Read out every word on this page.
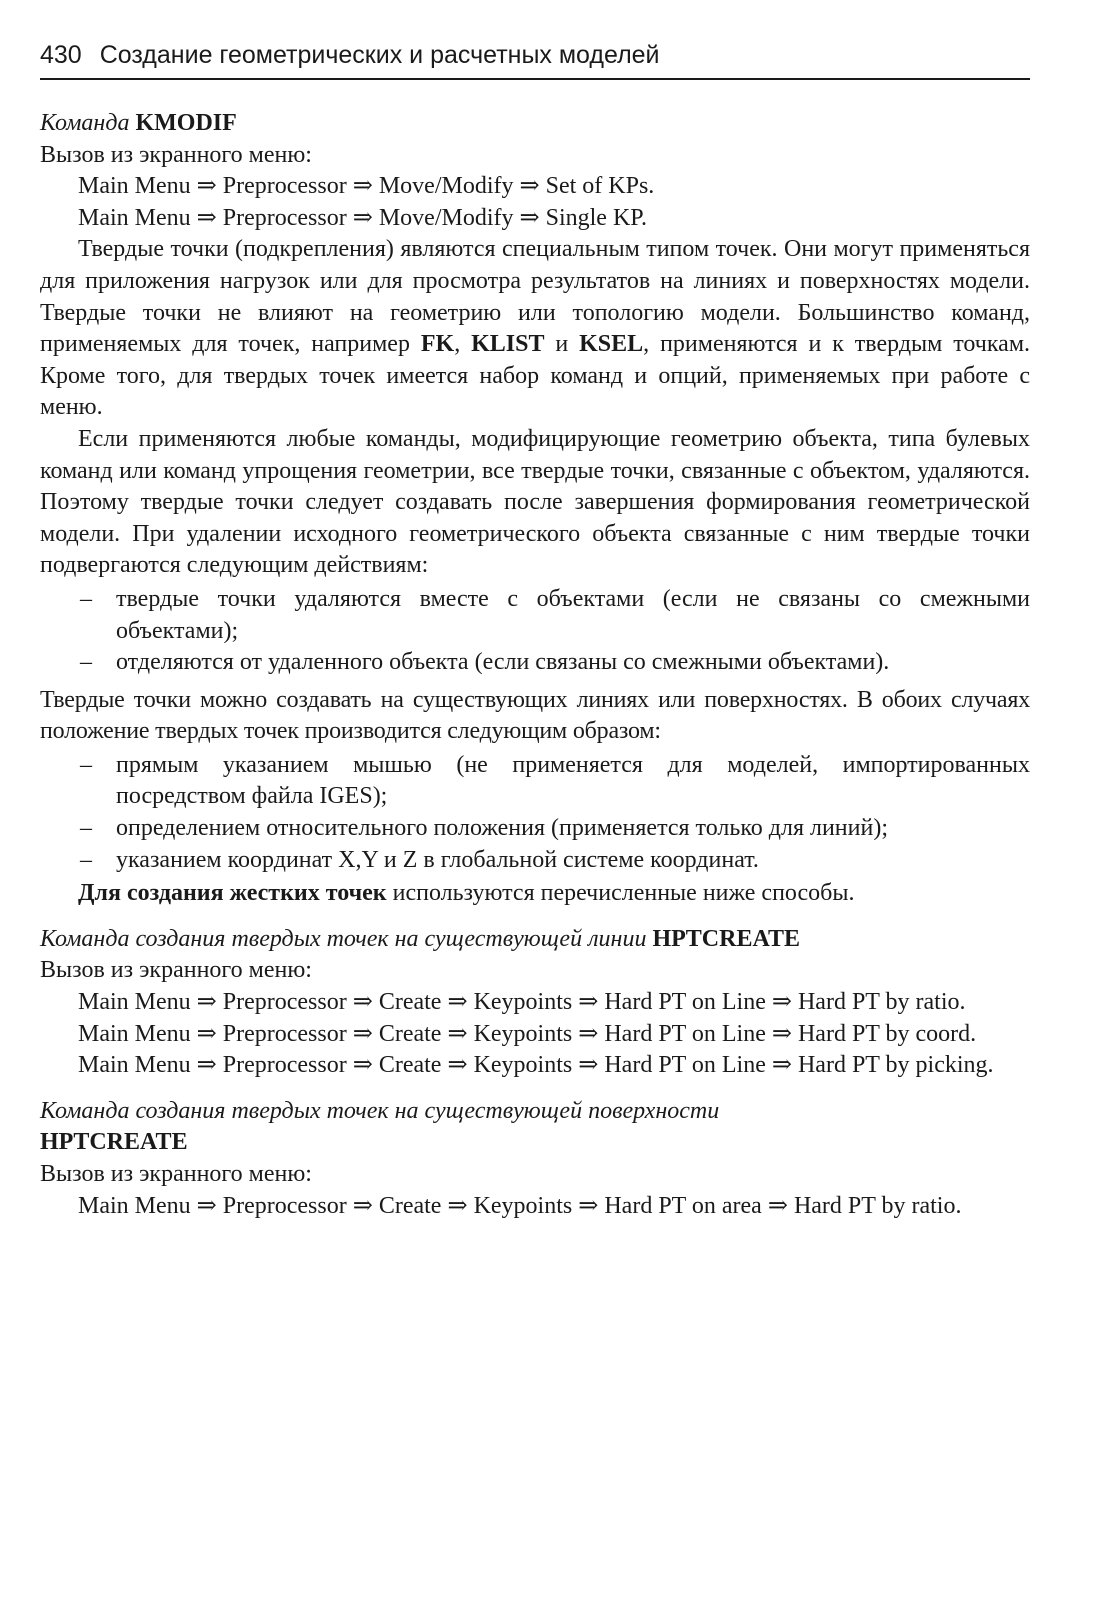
430 Создание геометрических и расчетных моделей

Команда KMODIF

Вызов из экранного меню:

Main Menu ⇒ Preprocessor ⇒ Move/Modify ⇒ Set of KPs.

Main Menu ⇒ Preprocessor ⇒ Move/Modify ⇒ Single KP.

Твердые точки (подкрепления) являются специальным типом точек. Они могут применяться для приложения нагрузок или для просмотра результатов на линиях и поверхностях модели. Твердые точки не влияют на геометрию или топологию модели. Большинство команд, применяемых для точек, например FK, KLIST и KSEL, применяются и к твердым точкам. Кроме того, для твердых точек имеется набор команд и опций, применяемых при работе с меню.

Если применяются любые команды, модифицирующие геометрию объекта, типа булевых команд или команд упрощения геометрии, все твердые точки, связанные с объектом, удаляются. Поэтому твердые точки следует создавать после завершения формирования геометрической модели. При удалении исходного геометрического объекта связанные с ним твердые точки подвергаются следующим действиям:

– твердые точки удаляются вместе с объектами (если не связаны со смежными объектами);
– отделяются от удаленного объекта (если связаны со смежными объектами).

Твердые точки можно создавать на существующих линиях или поверхностях. В обоих случаях положение твердых точек производится следующим образом:

– прямым указанием мышью (не применяется для моделей, импортированных посредством файла IGES);
– определением относительного положения (применяется только для линий);
– указанием координат X,Y и Z в глобальной системе координат.

Для создания жестких точек используются перечисленные ниже способы.

Команда создания твердых точек на существующей линии HPTCREATE

Вызов из экранного меню:

Main Menu ⇒ Preprocessor ⇒ Create ⇒ Keypoints ⇒ Hard PT on Line ⇒ Hard PT by ratio.

Main Menu ⇒ Preprocessor ⇒ Create ⇒ Keypoints ⇒ Hard PT on Line ⇒ Hard PT by coord.

Main Menu ⇒ Preprocessor ⇒ Create ⇒ Keypoints ⇒ Hard PT on Line ⇒ Hard PT by picking.

Команда создания твердых точек на существующей поверхности
HPTCREATE

Вызов из экранного меню:

Main Menu ⇒ Preprocessor ⇒ Create ⇒ Keypoints ⇒ Hard PT on area ⇒ Hard PT by ratio.
